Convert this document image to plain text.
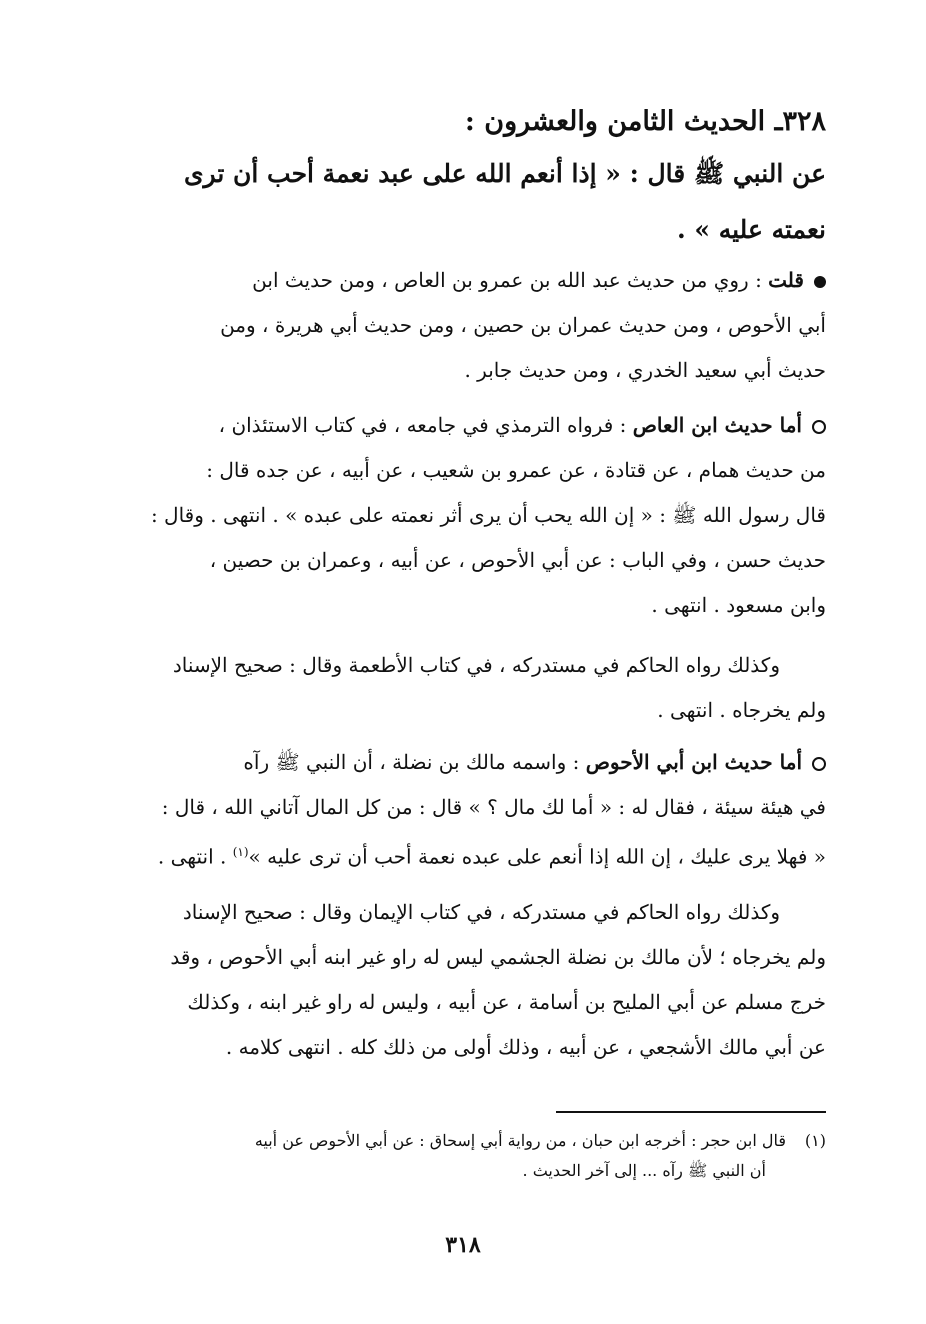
٣٢٨ـ الحديث الثامن والعشرون :
عن النبي ﷺ قال : « إذا أنعم الله على عبد نعمة أحب أن ترى
نعمته عليه » .
قلت : روي من حديث عبد الله بن عمرو بن العاص ، ومن حديث ابن
أبي الأحوص ، ومن حديث عمران بن حصين ، ومن حديث أبي هريرة ، ومن
حديث أبي سعيد الخدري ، ومن حديث جابر .
أما حديث ابن العاص : فرواه الترمذي في جامعه ، في كتاب الاستئذان ،
من حديث همام ، عن قتادة ، عن عمرو بن شعيب ، عن أبيه ، عن جده قال :
قال رسول الله ﷺ : « إن الله يحب أن يرى أثر نعمته على عبده » . انتهى . وقال :
حديث حسن ، وفي الباب : عن أبي الأحوص ، عن أبيه ، وعمران بن حصين ،
وابن مسعود . انتهى .
وكذلك رواه الحاكم في مستدركه ، في كتاب الأطعمة وقال : صحيح الإسناد
ولم يخرجاه . انتهى .
أما حديث ابن أبي الأحوص : واسمه مالك بن نضلة ، أن النبي ﷺ رآه
في هيئة سيئة ، فقال له : « أما لك مال ؟ » قال : من كل المال آتاني الله ، قال :
« فهلا يرى عليك ، إن الله إذا أنعم على عبده نعمة أحب أن ترى عليه »$^{(١)}$ . انتهى .
وكذلك رواه الحاكم في مستدركه ، في كتاب الإيمان وقال : صحيح الإسناد
ولم يخرجاه ؛ لأن مالك بن نضلة الجشمي ليس له راو غير ابنه أبي الأحوص ، وقد
خرج مسلم عن أبي المليح بن أسامة ، عن أبيه ، وليس له راو غير ابنه ، وكذلك
عن أبي مالك الأشجعي ، عن أبيه ، وذلك أولى من ذلك كله . انتهى كلامه .
(١)قال ابن حجر : أخرجه ابن حبان ، من رواية أبي إسحاق : عن أبي الأحوص عن أبيه
أن النبي ﷺ رآه ... إلى آخر الحديث .
٣١٨
